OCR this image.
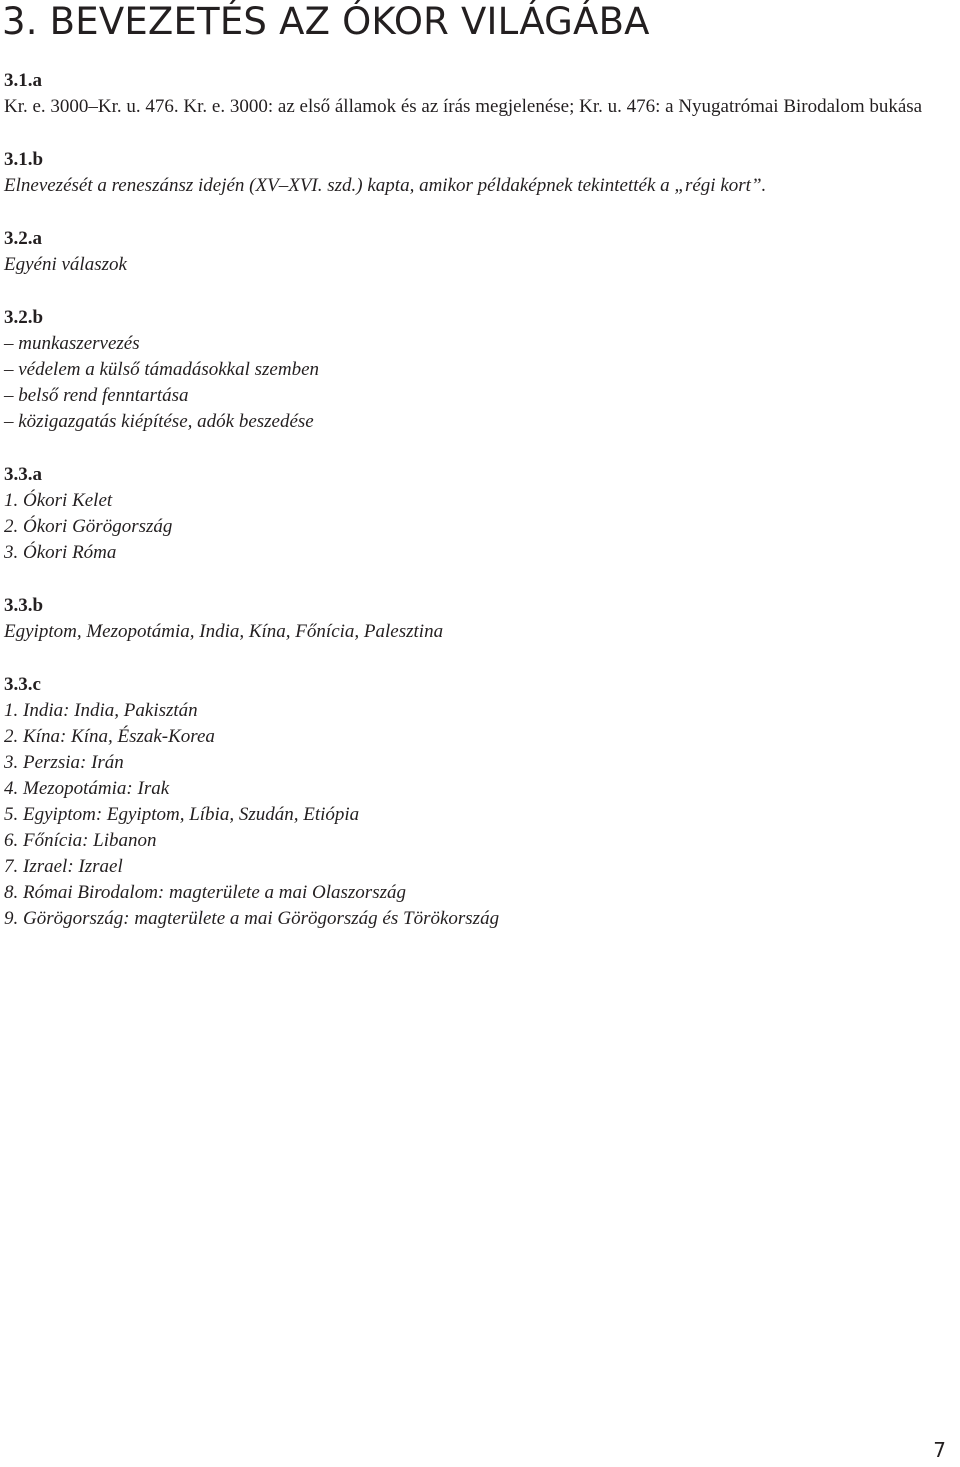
3. BEVEZETÉS AZ ÓKOR VILÁGÁBA
3.1.a
Kr. e. 3000–Kr. u. 476. Kr. e. 3000: az első államok és az írás megjelenése; Kr. u. 476: a Nyugatrómai Birodalom bukása
3.1.b
Elnevezését a reneszánsz idején (XV–XVI. szd.) kapta, amikor példaképnek tekintették a „régi kort”.
3.2.a
Egyéni válaszok
3.2.b
– munkaszervezés
– védelem a külső támadásokkal szemben
– belső rend fenntartása
– közigazgatás kiépítése, adók beszedése
3.3.a
1. Ókori Kelet
2. Ókori Görögország
3. Ókori Róma
3.3.b
Egyiptom, Mezopotámia, India, Kína, Főnícia, Palesztina
3.3.c
1. India: India, Pakisztán
2. Kína: Kína, Észak-Korea
3. Perzsia: Irán
4. Mezopotámia: Irak
5. Egyiptom: Egyiptom, Líbia, Szudán, Etiópia
6. Főnícia: Libanon
7. Izrael: Izrael
8. Római Birodalom: magterülete a mai Olaszország
9. Görögország: magterülete a mai Görögország és Törökország
7
